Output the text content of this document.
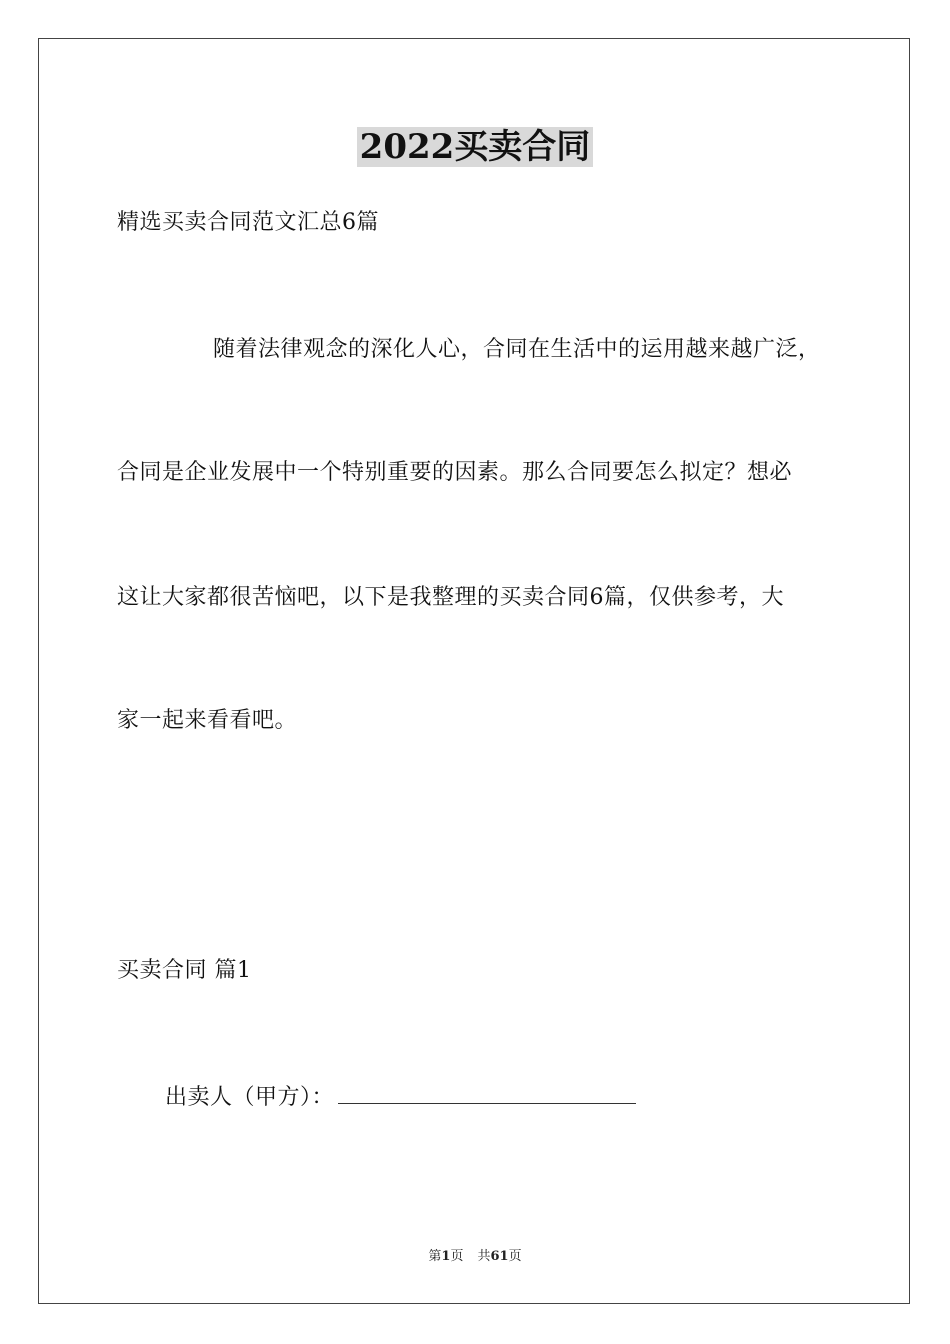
2022买卖合同
精选买卖合同范文汇总6篇
随着法律观念的深化人心，合同在生活中的运用越来越广泛，
合同是企业发展中一个特别重要的因素。那么合同要怎么拟定？想必
这让大家都很苦恼吧，以下是我整理的买卖合同6篇，仅供参考，大
家一起来看看吧。
买卖合同 篇1
出卖人（甲方）：
第1页 共61页
